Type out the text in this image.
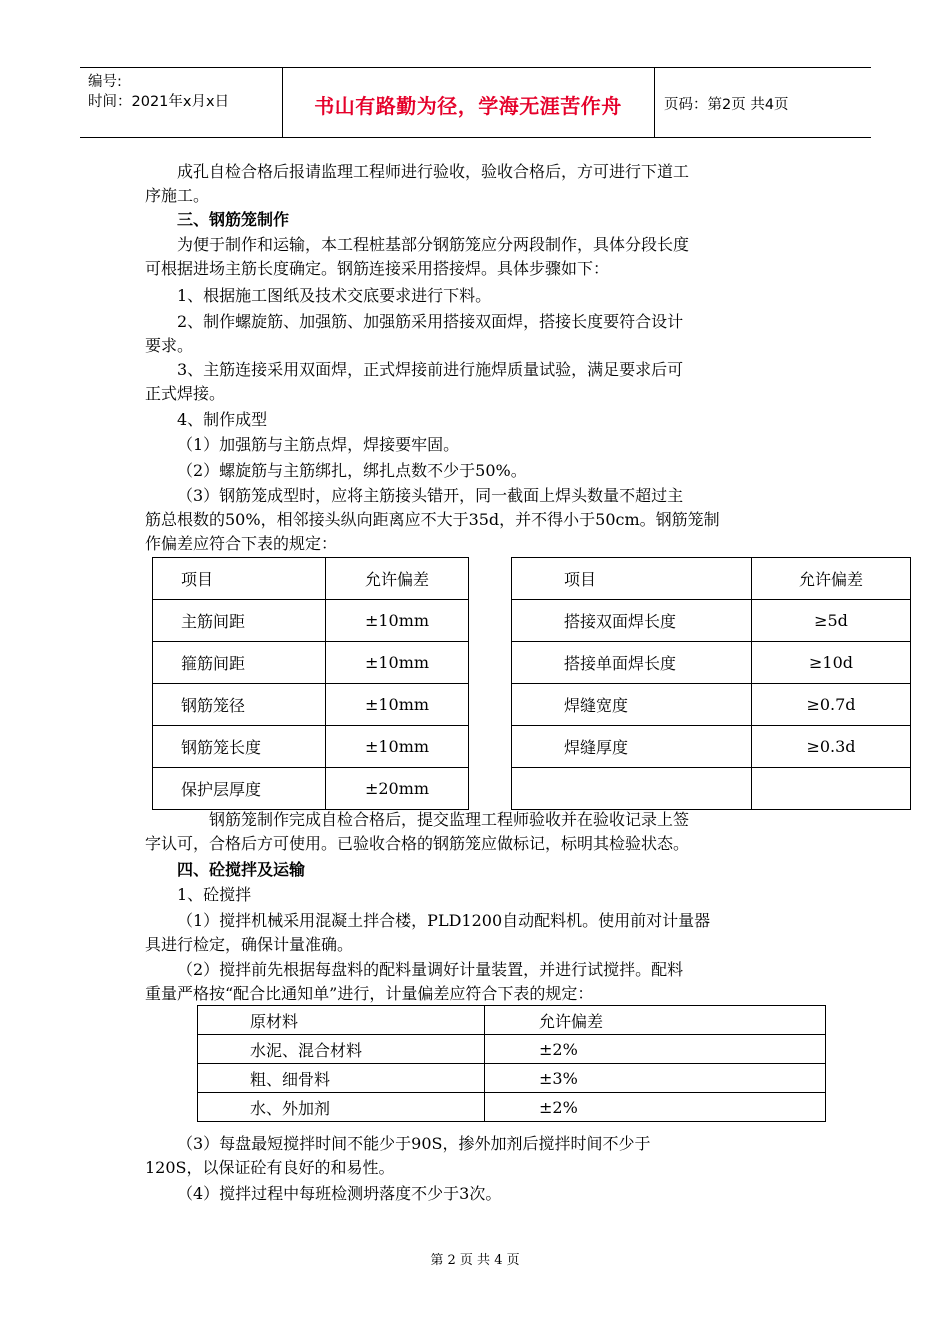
编号:
时间：2021年x月x日	书山有路勤为径，学海无涯苦作舟	页码：第2页 共4页
成孔自检合格后报请监理工程师进行验收，验收合格后，方可进行下道工
序施工。
三、钢筋笼制作
为便于制作和运输，本工程桩基部分钢筋笼应分两段制作，具体分段长度
可根据进场主筋长度确定。钢筋连接采用搭接焊。具体步骤如下：
1、根据施工图纸及技术交底要求进行下料。
2、制作螺旋筋、加强筋、加强筋采用搭接双面焊，搭接长度要符合设计
要求。
3、主筋连接采用双面焊，正式焊接前进行施焊质量试验，满足要求后可
正式焊接。
4、制作成型
（1）加强筋与主筋点焊，焊接要牢固。
（2）螺旋筋与主筋绑扎，绑扎点数不少于50%。
（3）钢筋笼成型时，应将主筋接头错开，同一截面上焊头数量不超过主
筋总根数的50%，相邻接头纵向距离应不大于35d，并不得小于50cm。钢筋笼制
作偏差应符合下表的规定：
项目	允许偏差
主筋间距	±10mm
箍筋间距	±10mm
钢筋笼径	±10mm
钢筋笼长度	±10mm
保护层厚度	±20mm
项目	允许偏差
搭接双面焊长度	≥5d
搭接单面焊长度	≥10d
焊缝宽度	≥0.7d
焊缝厚度	≥0.3d

钢筋笼制作完成自检合格后，提交监理工程师验收并在验收记录上签
字认可，合格后方可使用。已验收合格的钢筋笼应做标记，标明其检验状态。
四、砼搅拌及运输
1、砼搅拌
（1）搅拌机械采用混凝土拌合楼，PLD1200自动配料机。使用前对计量器
具进行检定，确保计量准确。
（2）搅拌前先根据每盘料的配料量调好计量装置，并进行试搅拌。配料
重量严格按“配合比通知单”进行，计量偏差应符合下表的规定：
原材料	允许偏差
水泥、混合材料	±2%
粗、细骨料	±3%
水、外加剂	±2%
（3）每盘最短搅拌时间不能少于90S，掺外加剂后搅拌时间不少于
120S，以保证砼有良好的和易性。
（4）搅拌过程中每班检测坍落度不少于3次。
第 2 页 共 4 页
